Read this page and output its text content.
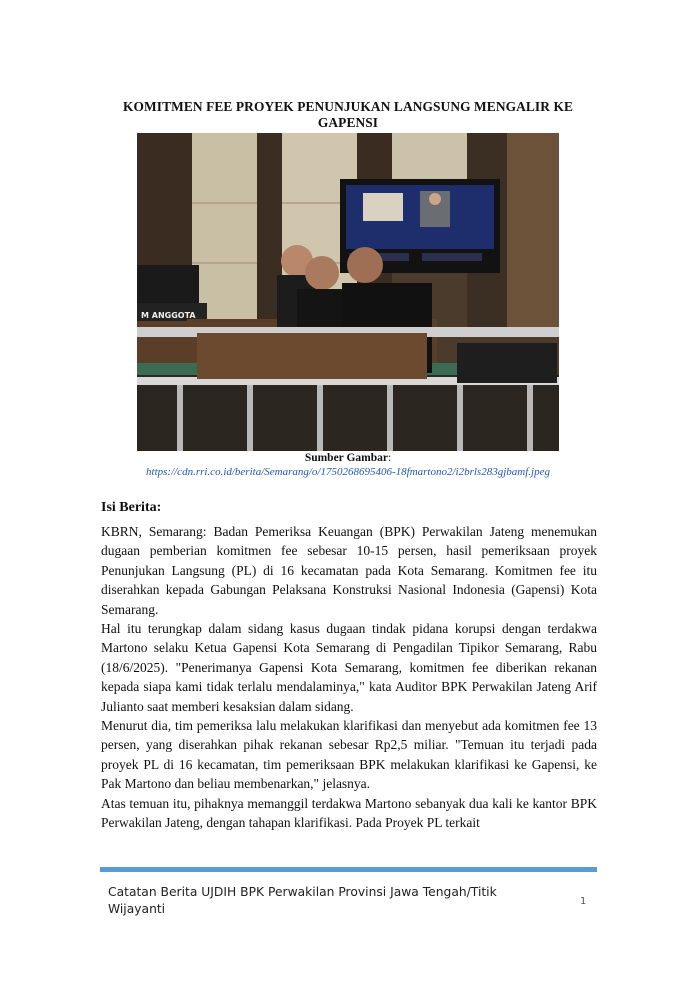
KOMITMEN FEE PROYEK PENUNJUKAN LANGSUNG MENGALIR KE GAPENSI
M ANGGOTA
Sumber Gambar:
https://cdn.rri.co.id/berita/Semarang/o/1750268695406-18fmartono2/i2brls283gjbamf.jpeg
Isi Berita:

KBRN, Semarang: Badan Pemeriksa Keuangan (BPK) Perwakilan Jateng menemukan dugaan pemberian komitmen fee sebesar 10-15 persen, hasil pemeriksaan proyek Penunjukan Langsung (PL) di 16 kecamatan pada Kota Semarang. Komitmen fee itu diserahkan kepada Gabungan Pelaksana Konstruksi Nasional Indonesia (Gapensi) Kota Semarang.

Hal itu terungkap dalam sidang kasus dugaan tindak pidana korupsi dengan terdakwa Martono selaku Ketua Gapensi Kota Semarang di Pengadilan Tipikor Semarang, Rabu (18/6/2025). "Penerimanya Gapensi Kota Semarang, komitmen fee diberikan rekanan kepada siapa kami tidak terlalu mendalaminya," kata Auditor BPK Perwakilan Jateng Arif Julianto saat memberi kesaksian dalam sidang.

Menurut dia, tim pemeriksa lalu melakukan klarifikasi dan menyebut ada komitmen fee 13 persen, yang diserahkan pihak rekanan sebesar Rp2,5 miliar. "Temuan itu terjadi pada proyek PL di 16 kecamatan, tim pemeriksaan BPK melakukan klarifikasi ke Gapensi, ke Pak Martono dan beliau membenarkan," jelasnya.

Atas temuan itu, pihaknya memanggil terdakwa Martono sebanyak dua kali ke kantor BPK Perwakilan Jateng, dengan tahapan klarifikasi. Pada Proyek PL terkait

Catatan Berita UJDIH BPK Perwakilan Provinsi Jawa Tengah/Titik Wijayanti
1
